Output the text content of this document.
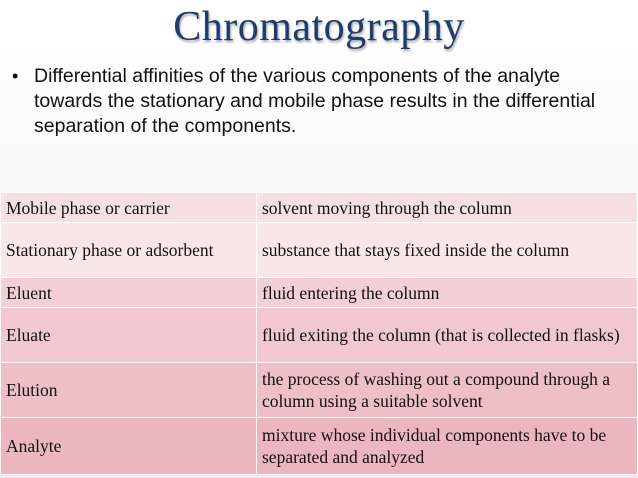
Chromatography
• Differential affinities of the various components of the analyte towards the stationary and mobile phase results in the differential separation of the components.
Mobile phase or carrier	solvent moving through the column
Stationary phase or adsorbent	substance that stays fixed inside the column
Eluent	fluid entering the column
Eluate	fluid exiting the column (that is collected in flasks)
Elution	the process of washing out a compound through a column using a suitable solvent
Analyte	mixture whose individual components have to be separated and analyzed
